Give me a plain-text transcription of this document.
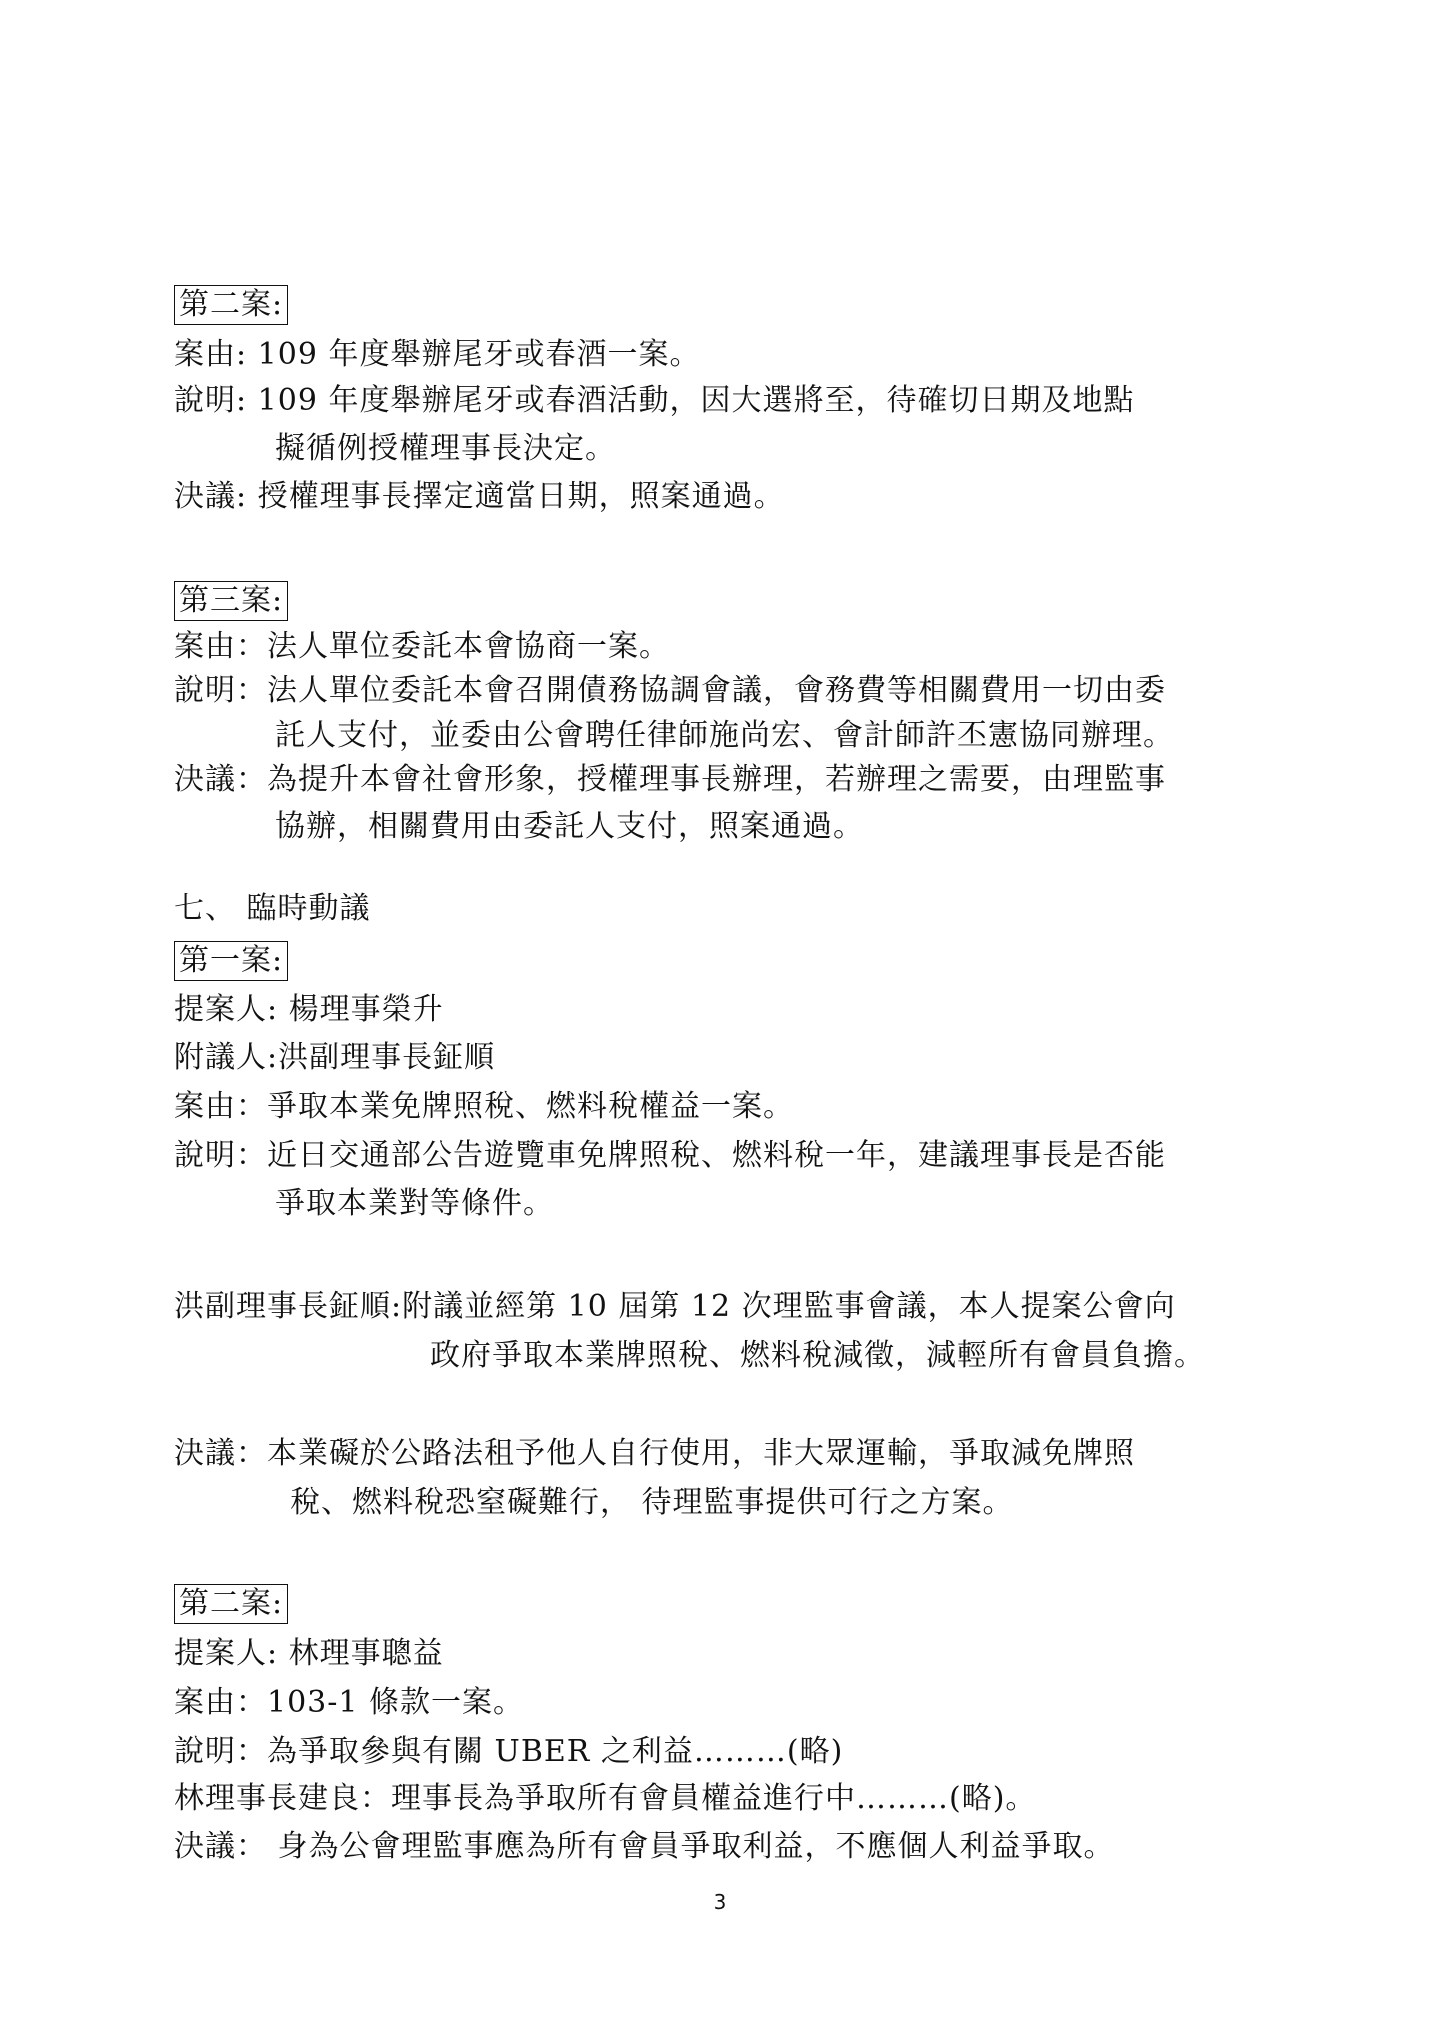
第二案:
案由: 109 年度舉辦尾牙或春酒一案。
說明: 109 年度舉辦尾牙或春酒活動，因大選將至，待確切日期及地點
擬循例授權理事長決定。
決議: 授權理事長擇定適當日期，照案通過。
第三案:
案由：法人單位委託本會協商一案。
說明：法人單位委託本會召開債務協調會議，會務費等相關費用一切由委
託人支付，並委由公會聘任律師施尚宏、會計師許丕憲協同辦理。
決議：為提升本會社會形象，授權理事長辦理，若辦理之需要，由理監事
協辦，相關費用由委託人支付，照案通過。
七、 臨時動議
第一案:
提案人: 楊理事榮升
附議人:洪副理事長鉦順
案由：爭取本業免牌照稅、燃料稅權益一案。
說明：近日交通部公告遊覽車免牌照稅、燃料稅一年，建議理事長是否能
爭取本業對等條件。
洪副理事長鉦順:附議並經第 10 屆第 12 次理監事會議，本人提案公會向
政府爭取本業牌照稅、燃料稅減徵，減輕所有會員負擔。
決議：本業礙於公路法租予他人自行使用，非大眾運輸，爭取減免牌照
稅、燃料稅恐窒礙難行， 待理監事提供可行之方案。
第二案:
提案人: 林理事聰益
案由：103-1 條款一案。
說明：為爭取參與有關 UBER 之利益………(略)
林理事長建良：理事長為爭取所有會員權益進行中………(略)。
決議： 身為公會理監事應為所有會員爭取利益，不應個人利益爭取。
3
